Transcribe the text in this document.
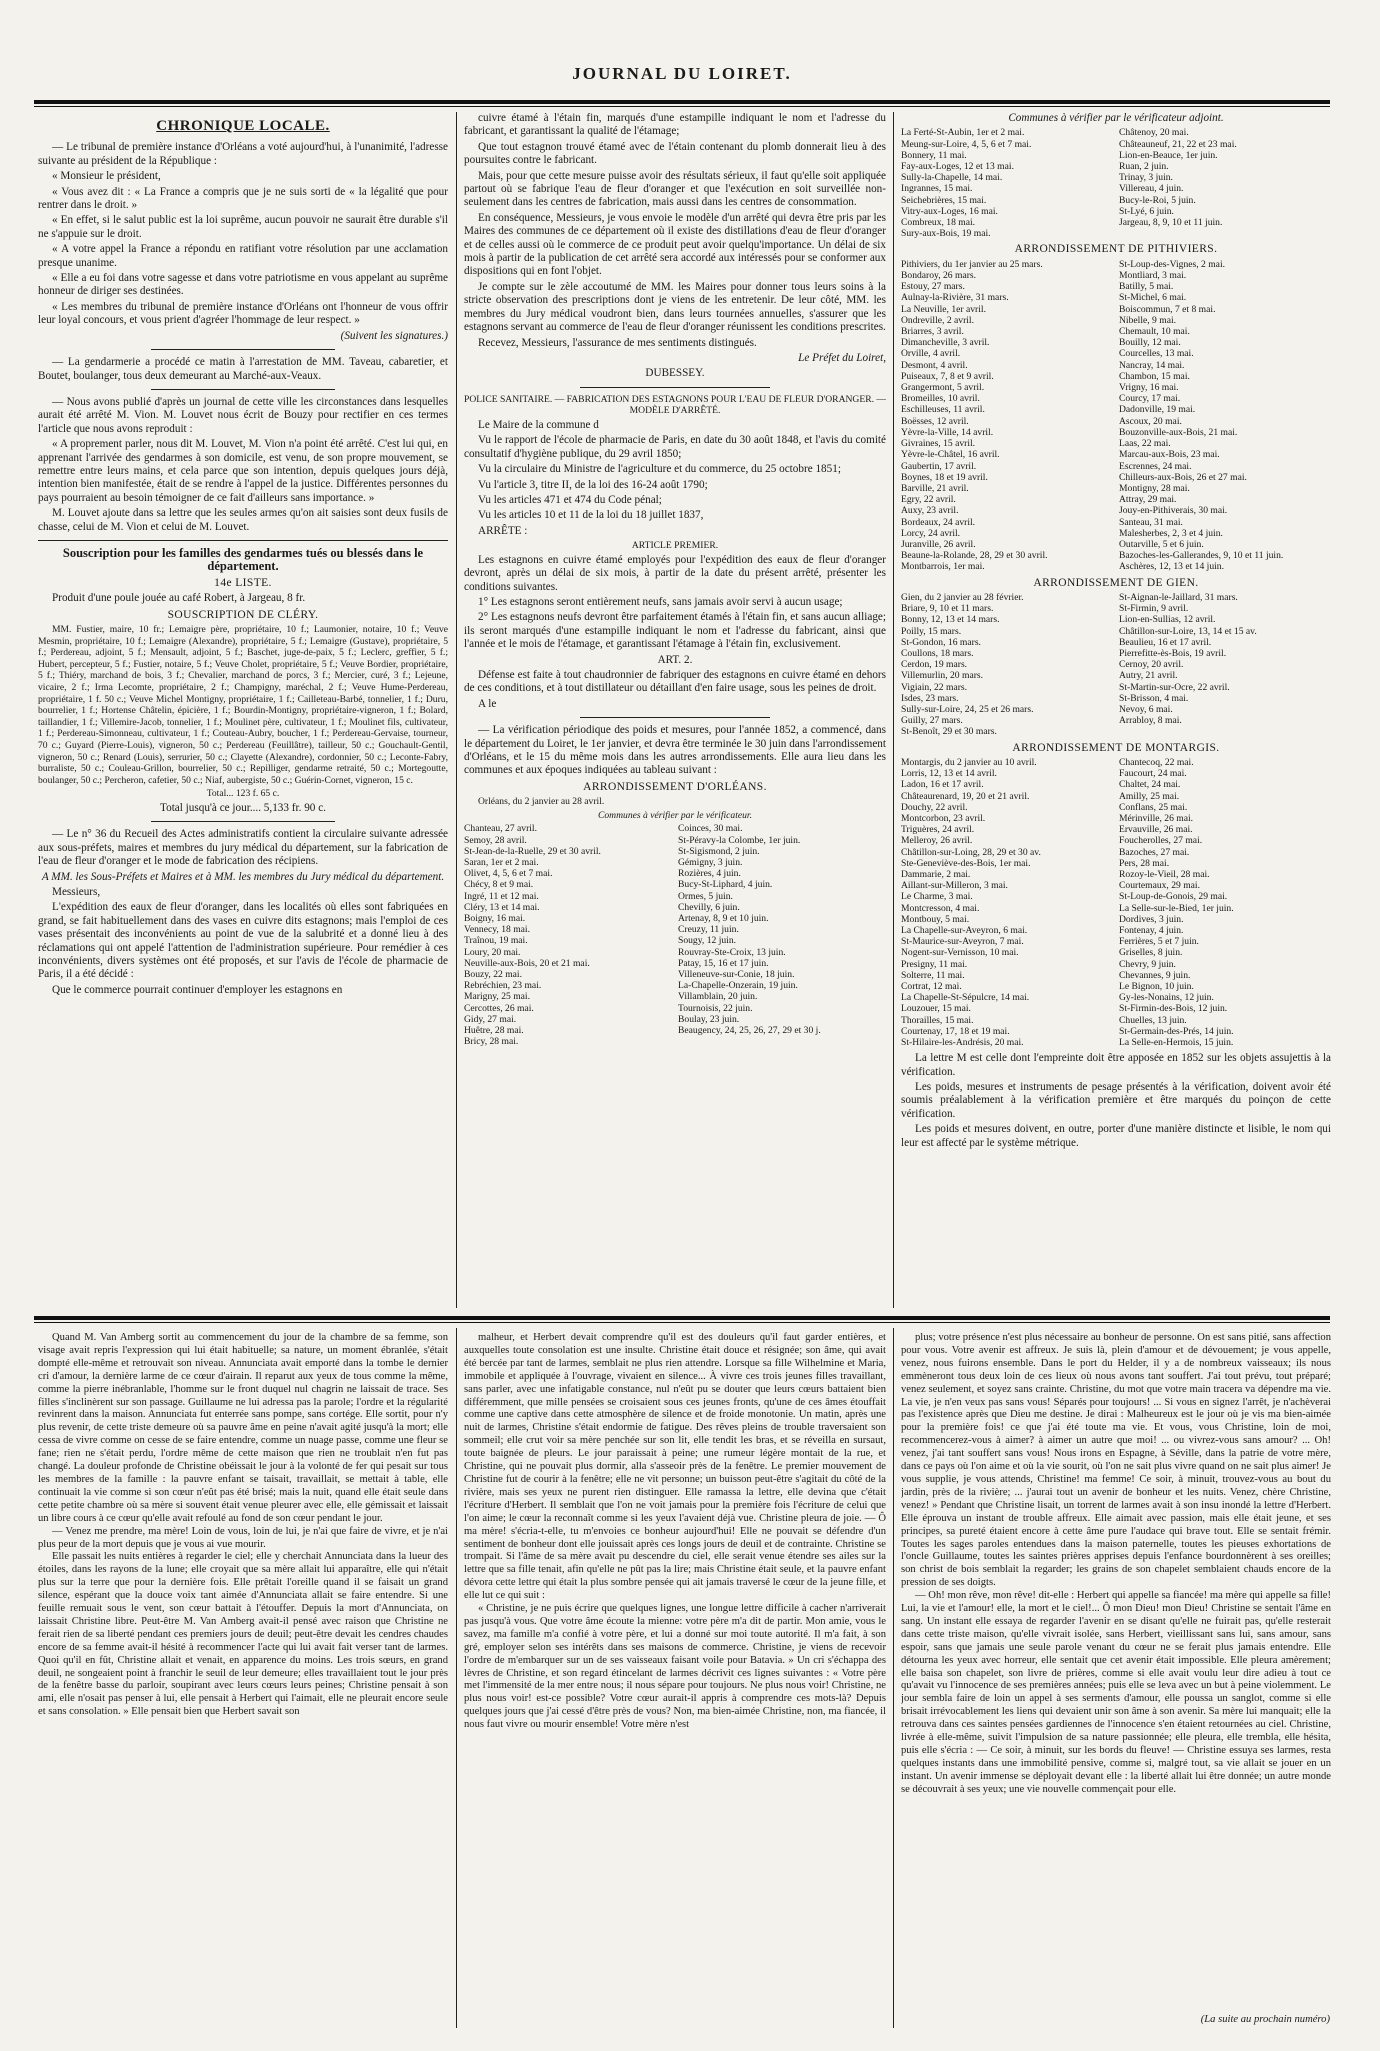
JOURNAL DU LOIRET.
CHRONIQUE LOCALE.

— Le tribunal de première instance d'Orléans a voté aujourd'hui, à l'unanimité, l'adresse suivante au président de la République :

« Monsieur le président,

« Vous avez dit : « La France a compris que je ne suis sorti de « la légalité que pour rentrer dans le droit. »

« En effet, si le salut public est la loi suprême, aucun pouvoir ne saurait être durable s'il ne s'appuie sur le droit.

« A votre appel la France a répondu en ratifiant votre résolution par une acclamation presque unanime.

« Elle a eu foi dans votre sagesse et dans votre patriotisme en vous appelant au suprême honneur de diriger ses destinées.

« Les membres du tribunal de première instance d'Orléans ont l'honneur de vous offrir leur loyal concours, et vous prient d'agréer l'hommage de leur respect. »

(Suivent les signatures.)

— La gendarmerie a procédé ce matin à l'arrestation de MM. Taveau, cabaretier, et Boutet, boulanger, tous deux demeurant au Marché-aux-Veaux.

— Nous avons publié d'après un journal de cette ville les circonstances dans lesquelles aurait été arrêté M. Vion. M. Louvet nous écrit de Bouzy pour rectifier en ces termes l'article que nous avons reproduit :

« A proprement parler, nous dit M. Louvet, M. Vion n'a point été arrêté. C'est lui qui, en apprenant l'arrivée des gendarmes à son domicile, est venu, de son propre mouvement, se remettre entre leurs mains, et cela parce que son intention, depuis quelques jours déjà, intention bien manifestée, était de se rendre à l'appel de la justice. Différentes personnes du pays pourraient au besoin témoigner de ce fait d'ailleurs sans importance. »

M. Louvet ajoute dans sa lettre que les seules armes qu'on ait saisies sont deux fusils de chasse, celui de M. Vion et celui de M. Louvet.

Souscription pour les familles des gendarmes tués ou blessés dans le département.
14e LISTE.

Produit d'une poule jouée au café Robert, à Jargeau, 8 fr.

SOUSCRIPTION DE CLÉRY.

MM. Fustier, maire, 10 fr.; Lemaigre père, propriétaire, 10 f.; Laumonier, notaire, 10 f.; Veuve Mesmin, propriétaire, 10 f.; Lemaigre (Alexandre), propriétaire, 5 f.; Lemaigre (Gustave), propriétaire, 5 f.; Perdereau, adjoint, 5 f.; Mensault, adjoint, 5 f.; Baschet, juge-de-paix, 5 f.; Leclerc, greffier, 5 f.; Hubert, percepteur, 5 f.; Fustier, notaire, 5 f.; Veuve Cholet, propriétaire, 5 f.; Veuve Bordier, propriétaire, 5 f.; Thiéry, marchand de bois, 3 f.; Chevalier, marchand de porcs, 3 f.; Mercier, curé, 3 f.; Lejeune, vicaire, 2 f.; Irma Lecomte, propriétaire, 2 f.; Champigny, maréchal, 2 f.; Veuve Hume-Perdereau, propriétaire, 1 f. 50 c.; Veuve Michel Montigny, propriétaire, 1 f.; Cailleteau-Barbé, tonnelier, 1 f.; Duru, bourrelier, 1 f.; Hortense Châtelin, épicière, 1 f.; Bourdin-Montigny, propriétaire-vigneron, 1 f.; Bolard, taillandier, 1 f.; Villemire-Jacob, tonnelier, 1 f.; Moulinet père, cultivateur, 1 f.; Moulinet fils, cultivateur, 1 f.; Perdereau-Simonneau, cultivateur, 1 f.; Couteau-Aubry, boucher, 1 f.; Perdereau-Gervaise, tourneur, 70 c.; Guyard (Pierre-Louis), vigneron, 50 c.; Perdereau (Feuillâtre), tailleur, 50 c.; Gouchault-Gentil, vigneron, 50 c.; Renard (Louis), serrurier, 50 c.; Clayette (Alexandre), cordonnier, 50 c.; Leconte-Fabry, burraliste, 50 c.; Couleau-Grillon, bourrelier, 50 c.; Repilliger, gendarme retraité, 50 c.; Mortegoutte, boulanger, 50 c.; Percheron, cafetier, 50 c.; Niaf, aubergiste, 50 c.; Guérin-Cornet, vigneron, 15 c.

Total... 123 f. 65 c.

Total jusqu'à ce jour.... 5,133 fr. 90 c.

— Le n° 36 du Recueil des Actes administratifs contient la circulaire suivante adressée aux sous-préfets, maires et membres du jury médical du département, sur la fabrication de l'eau de fleur d'oranger et le mode de fabrication des récipiens.

A MM. les Sous-Préfets et Maires et à MM. les membres du Jury médical du département.

Messieurs,

L'expédition des eaux de fleur d'oranger, dans les localités où elles sont fabriquées en grand, se fait habituellement dans des vases en cuivre dits estagnons; mais l'emploi de ces vases présentait des inconvénients au point de vue de la salubrité et a donné lieu à des réclamations qui ont appelé l'attention de l'administration supérieure. Pour remédier à ces inconvénients, divers systèmes ont été proposés, et sur l'avis de l'école de pharmacie de Paris, il a été décidé :

Que le commerce pourrait continuer d'employer les estagnons en

cuivre étamé à l'étain fin, marqués d'une estampille indiquant le nom et l'adresse du fabricant, et garantissant la qualité de l'étamage;

Que tout estagnon trouvé étamé avec de l'étain contenant du plomb donnerait lieu à des poursuites contre le fabricant.

Mais, pour que cette mesure puisse avoir des résultats sérieux, il faut qu'elle soit appliquée partout où se fabrique l'eau de fleur d'oranger et que l'exécution en soit surveillée non-seulement dans les centres de fabrication, mais aussi dans les centres de consommation.

En conséquence, Messieurs, je vous envoie le modèle d'un arrêté qui devra être pris par les Maires des communes de ce département où il existe des distillations d'eau de fleur d'oranger et de celles aussi où le commerce de ce produit peut avoir quelqu'importance. Un délai de six mois à partir de la publication de cet arrêté sera accordé aux intéressés pour se conformer aux dispositions qui en font l'objet.

Je compte sur le zèle accoutumé de MM. les Maires pour donner tous leurs soins à la stricte observation des prescriptions dont je viens de les entretenir. De leur côté, MM. les membres du Jury médical voudront bien, dans leurs tournées annuelles, s'assurer que les estagnons servant au commerce de l'eau de fleur d'oranger réunissent les conditions prescrites.

Recevez, Messieurs, l'assurance de mes sentiments distingués.

Le Préfet du Loiret,

DUBESSEY.

POLICE SANITAIRE. — FABRICATION DES ESTAGNONS POUR L'EAU DE FLEUR D'ORANGER. — MODÈLE D'ARRÊTÉ.

Le Maire de la commune d

Vu le rapport de l'école de pharmacie de Paris, en date du 30 août 1848, et l'avis du comité consultatif d'hygiène publique, du 29 avril 1850;

Vu la circulaire du Ministre de l'agriculture et du commerce, du 25 octobre 1851;

Vu l'article 3, titre II, de la loi des 16-24 août 1790;

Vu les articles 471 et 474 du Code pénal;

Vu les articles 10 et 11 de la loi du 18 juillet 1837,

ARRÊTE :

ARTICLE PREMIER.

Les estagnons en cuivre étamé employés pour l'expédition des eaux de fleur d'oranger devront, après un délai de six mois, à partir de la date du présent arrêté, présenter les conditions suivantes.

1° Les estagnons seront entièrement neufs, sans jamais avoir servi à aucun usage;

2° Les estagnons neufs devront être parfaitement étamés à l'étain fin, et sans aucun alliage; ils seront marqués d'une estampille indiquant le nom et l'adresse du fabricant, ainsi que l'année et le mois de l'étamage, et garantissant l'étamage à l'étain fin, exclusivement.

ART. 2.

Défense est faite à tout chaudronnier de fabriquer des estagnons en cuivre étamé en dehors de ces conditions, et à tout distillateur ou détaillant d'en faire usage, sous les peines de droit.

A le

— La vérification périodique des poids et mesures, pour l'année 1852, a commencé, dans le département du Loiret, le 1er janvier, et devra être terminée le 30 juin dans l'arrondissement d'Orléans, et le 15 du même mois dans les autres arrondissements. Elle aura lieu dans les communes et aux époques indiquées au tableau suivant :

ARRONDISSEMENT D'ORLÉANS.

Orléans, du 2 janvier au 28 avril.

Communes à vérifier par le vérificateur.

Chanteau, 27 avril.
Semoy, 28 avril.
St-Jean-de-la-Ruelle, 29 et 30 avril.
Saran, 1er et 2 mai.
Olivet, 4, 5, 6 et 7 mai.
Chécy, 8 et 9 mai.
Ingré, 11 et 12 mai.
Cléry, 13 et 14 mai.
Boigny, 16 mai.
Vennecy, 18 mai.
Traînou, 19 mai.
Loury, 20 mai.
Neuville-aux-Bois, 20 et 21 mai.
Bouzy, 22 mai.
Rebréchien, 23 mai.
Marigny, 25 mai.
Cercottes, 26 mai.
Gidy, 27 mai.
Huêtre, 28 mai.
Bricy, 28 mai.
Coinces, 30 mai.
St-Péravy-la Colombe, 1er juin.
St-Sigismond, 2 juin.
Gémigny, 3 juin.
Rozières, 4 juin.
Bucy-St-Liphard, 4 juin.
Ormes, 5 juin.
Chevilly, 6 juin.
Artenay, 8, 9 et 10 juin.
Creuzy, 11 juin.
Sougy, 12 juin.
Rouvray-Ste-Croix, 13 juin.
Patay, 15, 16 et 17 juin.
Villeneuve-sur-Conie, 18 juin.
La-Chapelle-Onzerain, 19 juin.
Villamblain, 20 juin.
Tournoisis, 22 juin.
Boulay, 23 juin.
Beaugency, 24, 25, 26, 27, 29 et 30 j.

Communes à vérifier par le vérificateur adjoint.

La Ferté-St-Aubin, 1er et 2 mai.
Meung-sur-Loire, 4, 5, 6 et 7 mai.
Bonnery, 11 mai.
Fay-aux-Loges, 12 et 13 mai.
Sully-la-Chapelle, 14 mai.
Ingrannes, 15 mai.
Seichebrières, 15 mai.
Vitry-aux-Loges, 16 mai.
Combreux, 18 mai.
Sury-aux-Bois, 19 mai.
Châtenoy, 20 mai.
Châteauneuf, 21, 22 et 23 mai.
Lion-en-Beauce, 1er juin.
Ruan, 2 juin.
Trinay, 3 juin.
Villereau, 4 juin.
Bucy-le-Roi, 5 juin.
St-Lyé, 6 juin.
Jargeau, 8, 9, 10 et 11 juin.
ARRONDISSEMENT DE PITHIVIERS.
Pithiviers, du 1er janvier au 25 mars.
Bondaroy, 26 mars.
Estouy, 27 mars.
Aulnay-la-Rivière, 31 mars.
La Neuville, 1er avril.
Ondreville, 2 avril.
Briarres, 3 avril.
Dimancheville, 3 avril.
Orville, 4 avril.
Desmont, 4 avril.
Puiseaux, 7, 8 et 9 avril.
Grangermont, 5 avril.
Bromeilles, 10 avril.
Eschilleuses, 11 avril.
Boësses, 12 avril.
Yèvre-la-Ville, 14 avril.
Givraines, 15 avril.
Yèvre-le-Châtel, 16 avril.
Gaubertin, 17 avril.
Boynes, 18 et 19 avril.
Barville, 21 avril.
Egry, 22 avril.
Auxy, 23 avril.
Bordeaux, 24 avril.
Lorcy, 24 avril.
Juranville, 26 avril.
Beaune-la-Rolande, 28, 29 et 30 avril.
Montbarrois, 1er mai.
St-Loup-des-Vignes, 2 mai.
Montliard, 3 mai.
Batilly, 5 mai.
St-Michel, 6 mai.
Boiscommun, 7 et 8 mai.
Nibelle, 9 mai.
Chemault, 10 mai.
Bouilly, 12 mai.
Courcelles, 13 mai.
Nancray, 14 mai.
Chambon, 15 mai.
Vrigny, 16 mai.
Courcy, 17 mai.
Dadonville, 19 mai.
Ascoux, 20 mai.
Bouzonville-aux-Bois, 21 mai.
Laas, 22 mai.
Marcau-aux-Bois, 23 mai.
Escrennes, 24 mai.
Chilleurs-aux-Bois, 26 et 27 mai.
Montigny, 28 mai.
Attray, 29 mai.
Jouy-en-Pithiverais, 30 mai.
Santeau, 31 mai.
Malesherbes, 2, 3 et 4 juin.
Outarville, 5 et 6 juin.
Bazoches-les-Gallerandes, 9, 10 et 11 juin.
Aschères, 12, 13 et 14 juin.
ARRONDISSEMENT DE GIEN.
Gien, du 2 janvier au 28 février.
Briare, 9, 10 et 11 mars.
Bonny, 12, 13 et 14 mars.
Poilly, 15 mars.
St-Gondon, 16 mars.
Coullons, 18 mars.
Cerdon, 19 mars.
Villemurlin, 20 mars.
Vigiain, 22 mars.
Isdes, 23 mars.
Sully-sur-Loire, 24, 25 et 26 mars.
Guilly, 27 mars.
St-Benoît, 29 et 30 mars.
St-Aignan-le-Jaillard, 31 mars.
St-Firmin, 9 avril.
Lion-en-Sullias, 12 avril.
Châtillon-sur-Loire, 13, 14 et 15 av.
Beaulieu, 16 et 17 avril.
Pierrefitte-ès-Bois, 19 avril.
Cernoy, 20 avril.
Autry, 21 avril.
St-Martin-sur-Ocre, 22 avril.
St-Brisson, 4 mai.
Nevoy, 6 mai.
Arrabloy, 8 mai.
ARRONDISSEMENT DE MONTARGIS.
Montargis, du 2 janvier au 10 avril.
Lorris, 12, 13 et 14 avril.
Ladon, 16 et 17 avril.
Châteaurenard, 19, 20 et 21 avril.
Douchy, 22 avril.
Montcorbon, 23 avril.
Triguères, 24 avril.
Melleroy, 26 avril.
Châtillon-sur-Loing, 28, 29 et 30 av.
Ste-Geneviève-des-Bois, 1er mai.
Dammarie, 2 mai.
Aillant-sur-Milleron, 3 mai.
Le Charme, 3 mai.
Montcresson, 4 mai.
Montbouy, 5 mai.
La Chapelle-sur-Aveyron, 6 mai.
St-Maurice-sur-Aveyron, 7 mai.
Nogent-sur-Vernisson, 10 mai.
Presigny, 11 mai.
Solterre, 11 mai.
Cortrat, 12 mai.
La Chapelle-St-Sépulcre, 14 mai.
Louzouer, 15 mai.
Thorailles, 15 mai.
Courtenay, 17, 18 et 19 mai.
St-Hilaire-les-Andrésis, 20 mai.
Chantecoq, 22 mai.
Faucourt, 24 mai.
Chaltet, 24 mai.
Amilly, 25 mai.
Conflans, 25 mai.
Mérinville, 26 mai.
Ervauville, 26 mai.
Foucherolles, 27 mai.
Bazoches, 27 mai.
Pers, 28 mai.
Rozoy-le-Vieil, 28 mai.
Courtemaux, 29 mai.
St-Loup-de-Gonois, 29 mai.
La Selle-sur-le-Bied, 1er juin.
Dordives, 3 juin.
Fontenay, 4 juin.
Ferrières, 5 et 7 juin.
Griselles, 8 juin.
Chevry, 9 juin.
Chevannes, 9 juin.
Le Bignon, 10 juin.
Gy-les-Nonains, 12 juin.
St-Firmin-des-Bois, 12 juin.
Chuelles, 13 juin.
St-Germain-des-Prés, 14 juin.
La Selle-en-Hermois, 15 juin.

La lettre M est celle dont l'empreinte doit être apposée en 1852 sur les objets assujettis à la vérification.

Les poids, mesures et instruments de pesage présentés à la vérification, doivent avoir été soumis préalablement à la vérification première et être marqués du poinçon de cette vérification.

Les poids et mesures doivent, en outre, porter d'une manière distincte et lisible, le nom qui leur est affecté par le système métrique.

Quand M. Van Amberg sortit au commencement du jour de la chambre de sa femme, son visage avait repris l'expression qui lui était habituelle; sa nature, un moment ébranlée, s'était dompté elle-même et retrouvait son niveau. Annunciata avait emporté dans la tombe le dernier cri d'amour, la dernière larme de ce cœur d'airain. Il reparut aux yeux de tous comme la même, comme la pierre inébranlable, l'homme sur le front duquel nul chagrin ne laissait de trace. Ses filles s'inclinèrent sur son passage. Guillaume ne lui adressa pas la parole; l'ordre et la régularité revinrent dans la maison. Annunciata fut enterrée sans pompe, sans cortége. Elle sortit, pour n'y plus revenir, de cette triste demeure où sa pauvre âme en peine n'avait agité jusqu'à la mort; elle cessa de vivre comme on cesse de se faire entendre, comme un nuage passe, comme une fleur se fane; rien ne s'était perdu, l'ordre même de cette maison que rien ne troublait n'en fut pas changé. La douleur profonde de Christine obéissait le jour à la volonté de fer qui pesait sur tous les membres de la famille : la pauvre enfant se taisait, travaillait, se mettait à table, elle continuait la vie comme si son cœur n'eût pas été brisé; mais la nuit, quand elle était seule dans cette petite chambre où sa mère si souvent était venue pleurer avec elle, elle gémissait et laissait un libre cours à ce cœur qu'elle avait refoulé au fond de son cœur pendant le jour.

— Venez me prendre, ma mère! Loin de vous, loin de lui, je n'ai que faire de vivre, et je n'ai plus peur de la mort depuis que je vous ai vue mourir.

Elle passait les nuits entières à regarder le ciel; elle y cherchait Annunciata dans la lueur des étoiles, dans les rayons de la lune; elle croyait que sa mère allait lui apparaître, elle qui n'était plus sur la terre que pour la dernière fois. Elle prêtait l'oreille quand il se faisait un grand silence, espérant que la douce voix tant aimée d'Annunciata allait se faire entendre. Si une feuille remuait sous le vent, son cœur battait à l'étouffer. Depuis la mort d'Annunciata, on laissait Christine libre. Peut-être M. Van Amberg avait-il pensé avec raison que Christine ne ferait rien de sa liberté pendant ces premiers jours de deuil; peut-être devait les cendres chaudes encore de sa femme avait-il hésité à recommencer l'acte qui lui avait fait verser tant de larmes. Quoi qu'il en fût, Christine allait et venait, en apparence du moins. Les trois sœurs, en grand deuil, ne songeaient point à franchir le seuil de leur demeure; elles travaillaient tout le jour près de la fenêtre basse du parloir, soupirant avec leurs cœurs leurs peines; Christine pensait à son ami, elle n'osait pas penser à lui, elle pensait à Herbert qui l'aimait, elle ne pleurait encore seule et sans consolation. » Elle pensait bien que Herbert savait son

malheur, et Herbert devait comprendre qu'il est des douleurs qu'il faut garder entières, et auxquelles toute consolation est une insulte. Christine était douce et résignée; son âme, qui avait été bercée par tant de larmes, semblait ne plus rien attendre. Lorsque sa fille Wilhelmine et Maria, immobile et appliquée à l'ouvrage, vivaient en silence... À vivre ces trois jeunes filles travaillant, sans parler, avec une infatigable constance, nul n'eût pu se douter que leurs cœurs battaient bien différemment, que mille pensées se croisaient sous ces jeunes fronts, qu'une de ces âmes étouffait comme une captive dans cette atmosphère de silence et de froide monotonie. Un matin, après une nuit de larmes, Christine s'était endormie de fatigue. Des rêves pleins de trouble traversaient son sommeil; elle crut voir sa mère penchée sur son lit, elle tendit les bras, et se réveilla en sursaut, toute baignée de pleurs. Le jour paraissait à peine; une rumeur légère montait de la rue, et Christine, qui ne pouvait plus dormir, alla s'asseoir près de la fenêtre. Le premier mouvement de Christine fut de courir à la fenêtre; elle ne vit personne; un buisson peut-être s'agitait du côté de la rivière, mais ses yeux ne purent rien distinguer. Elle ramassa la lettre, elle devina que c'était l'écriture d'Herbert. Il semblait que l'on ne voit jamais pour la première fois l'écriture de celui que l'on aime; le cœur la reconnaît comme si les yeux l'avaient déjà vue. Christine pleura de joie. — Ô ma mère! s'écria-t-elle, tu m'envoies ce bonheur aujourd'hui! Elle ne pouvait se défendre d'un sentiment de bonheur dont elle jouissait après ces longs jours de deuil et de contrainte. Christine se trompait. Si l'âme de sa mère avait pu descendre du ciel, elle serait venue étendre ses ailes sur la lettre que sa fille tenait, afin qu'elle ne pût pas la lire; mais Christine était seule, et la pauvre enfant dévora cette lettre qui était la plus sombre pensée qui ait jamais traversé le cœur de la jeune fille, et elle lut ce qui suit :

« Christine, je ne puis écrire que quelques lignes, une longue lettre difficile à cacher n'arriverait pas jusqu'à vous. Que votre âme écoute la mienne: votre père m'a dit de partir. Mon amie, vous le savez, ma famille m'a confié à votre père, et lui a donné sur moi toute autorité. Il m'a fait, à son gré, employer selon ses intérêts dans ses maisons de commerce. Christine, je viens de recevoir l'ordre de m'embarquer sur un de ses vaisseaux faisant voile pour Batavia. » Un cri s'échappa des lèvres de Christine, et son regard étincelant de larmes décrivit ces lignes suivantes : « Votre père met l'immensité de la mer entre nous; il nous sépare pour toujours. Ne plus nous voir! Christine, ne plus nous voir! est-ce possible? Votre cœur aurait-il appris à comprendre ces mots-là? Depuis quelques jours que j'ai cessé d'être près de vous? Non, ma bien-aimée Christine, non, ma fiancée, il nous faut vivre ou mourir ensemble! Votre mère n'est

plus; votre présence n'est plus nécessaire au bonheur de personne. On est sans pitié, sans affection pour vous. Votre avenir est affreux. Je suis là, plein d'amour et de dévouement; je vous appelle, venez, nous fuirons ensemble. Dans le port du Helder, il y a de nombreux vaisseaux; ils nous emmèneront tous deux loin de ces lieux où nous avons tant souffert. J'ai tout prévu, tout préparé; venez seulement, et soyez sans crainte. Christine, du mot que votre main tracera va dépendre ma vie. La vie, je n'en veux pas sans vous! Séparés pour toujours! ... Si vous en signez l'arrêt, je n'achèverai pas l'existence après que Dieu me destine. Je dirai : Malheureux est le jour où je vis ma bien-aimée pour la première fois! ce que j'ai été toute ma vie. Et vous, vous Christine, loin de moi, recommencerez-vous à aimer? à aimer un autre que moi! ... ou vivrez-vous sans amour? ... Oh! venez, j'ai tant souffert sans vous! Nous irons en Espagne, à Séville, dans la patrie de votre mère, dans ce pays où l'on aime et où la vie sourit, où l'on ne sait plus vivre quand on ne sait plus aimer! Je vous supplie, je vous attends, Christine! ma femme! Ce soir, à minuit, trouvez-vous au bout du jardin, près de la rivière; ... j'aurai tout un avenir de bonheur et les nuits. Venez, chère Christine, venez! » Pendant que Christine lisait, un torrent de larmes avait à son insu inondé la lettre d'Herbert. Elle éprouva un instant de trouble affreux. Elle aimait avec passion, mais elle était jeune, et ses principes, sa pureté étaient encore à cette âme pure l'audace qui brave tout. Elle se sentait frémir. Toutes les sages paroles entendues dans la maison paternelle, toutes les pieuses exhortations de l'oncle Guillaume, toutes les saintes prières apprises depuis l'enfance bourdonnèrent à ses oreilles; son christ de bois semblait la regarder; les grains de son chapelet semblaient chauds encore de la pression de ses doigts.

— Oh! mon rêve, mon rêve! dit-elle : Herbert qui appelle sa fiancée! ma mère qui appelle sa fille! Lui, la vie et l'amour! elle, la mort et le ciel!... Ô mon Dieu! mon Dieu! Christine se sentait l'âme en sang. Un instant elle essaya de regarder l'avenir en se disant qu'elle ne fuirait pas, qu'elle resterait dans cette triste maison, qu'elle vivrait isolée, sans Herbert, vieillissant sans lui, sans amour, sans espoir, sans que jamais une seule parole venant du cœur ne se ferait plus jamais entendre. Elle détourna les yeux avec horreur, elle sentait que cet avenir était impossible. Elle pleura amèrement; elle baisa son chapelet, son livre de prières, comme si elle avait voulu leur dire adieu à tout ce qu'avait vu l'innocence de ses premières années; puis elle se leva avec un but à peine violemment. Le jour sembla faire de loin un appel à ses serments d'amour, elle poussa un sanglot, comme si elle brisait irrévocablement les liens qui devaient unir son âme à son avenir. Sa mère lui manquait; elle la retrouva dans ces saintes pensées gardiennes de l'innocence s'en étaient retournées au ciel. Christine, livrée à elle-même, suivit l'impulsion de sa nature passionnée; elle pleura, elle trembla, elle hésita, puis elle s'écria : — Ce soir, à minuit, sur les bords du fleuve! — Christine essuya ses larmes, resta quelques instants dans une immobilité pensive, comme si, malgré tout, sa vie allait se jouer en un instant. Un avenir immense se déployait devant elle : la liberté allait lui être donnée; un autre monde se découvrait à ses yeux; une vie nouvelle commençait pour elle.

(La suite au prochain numéro)
